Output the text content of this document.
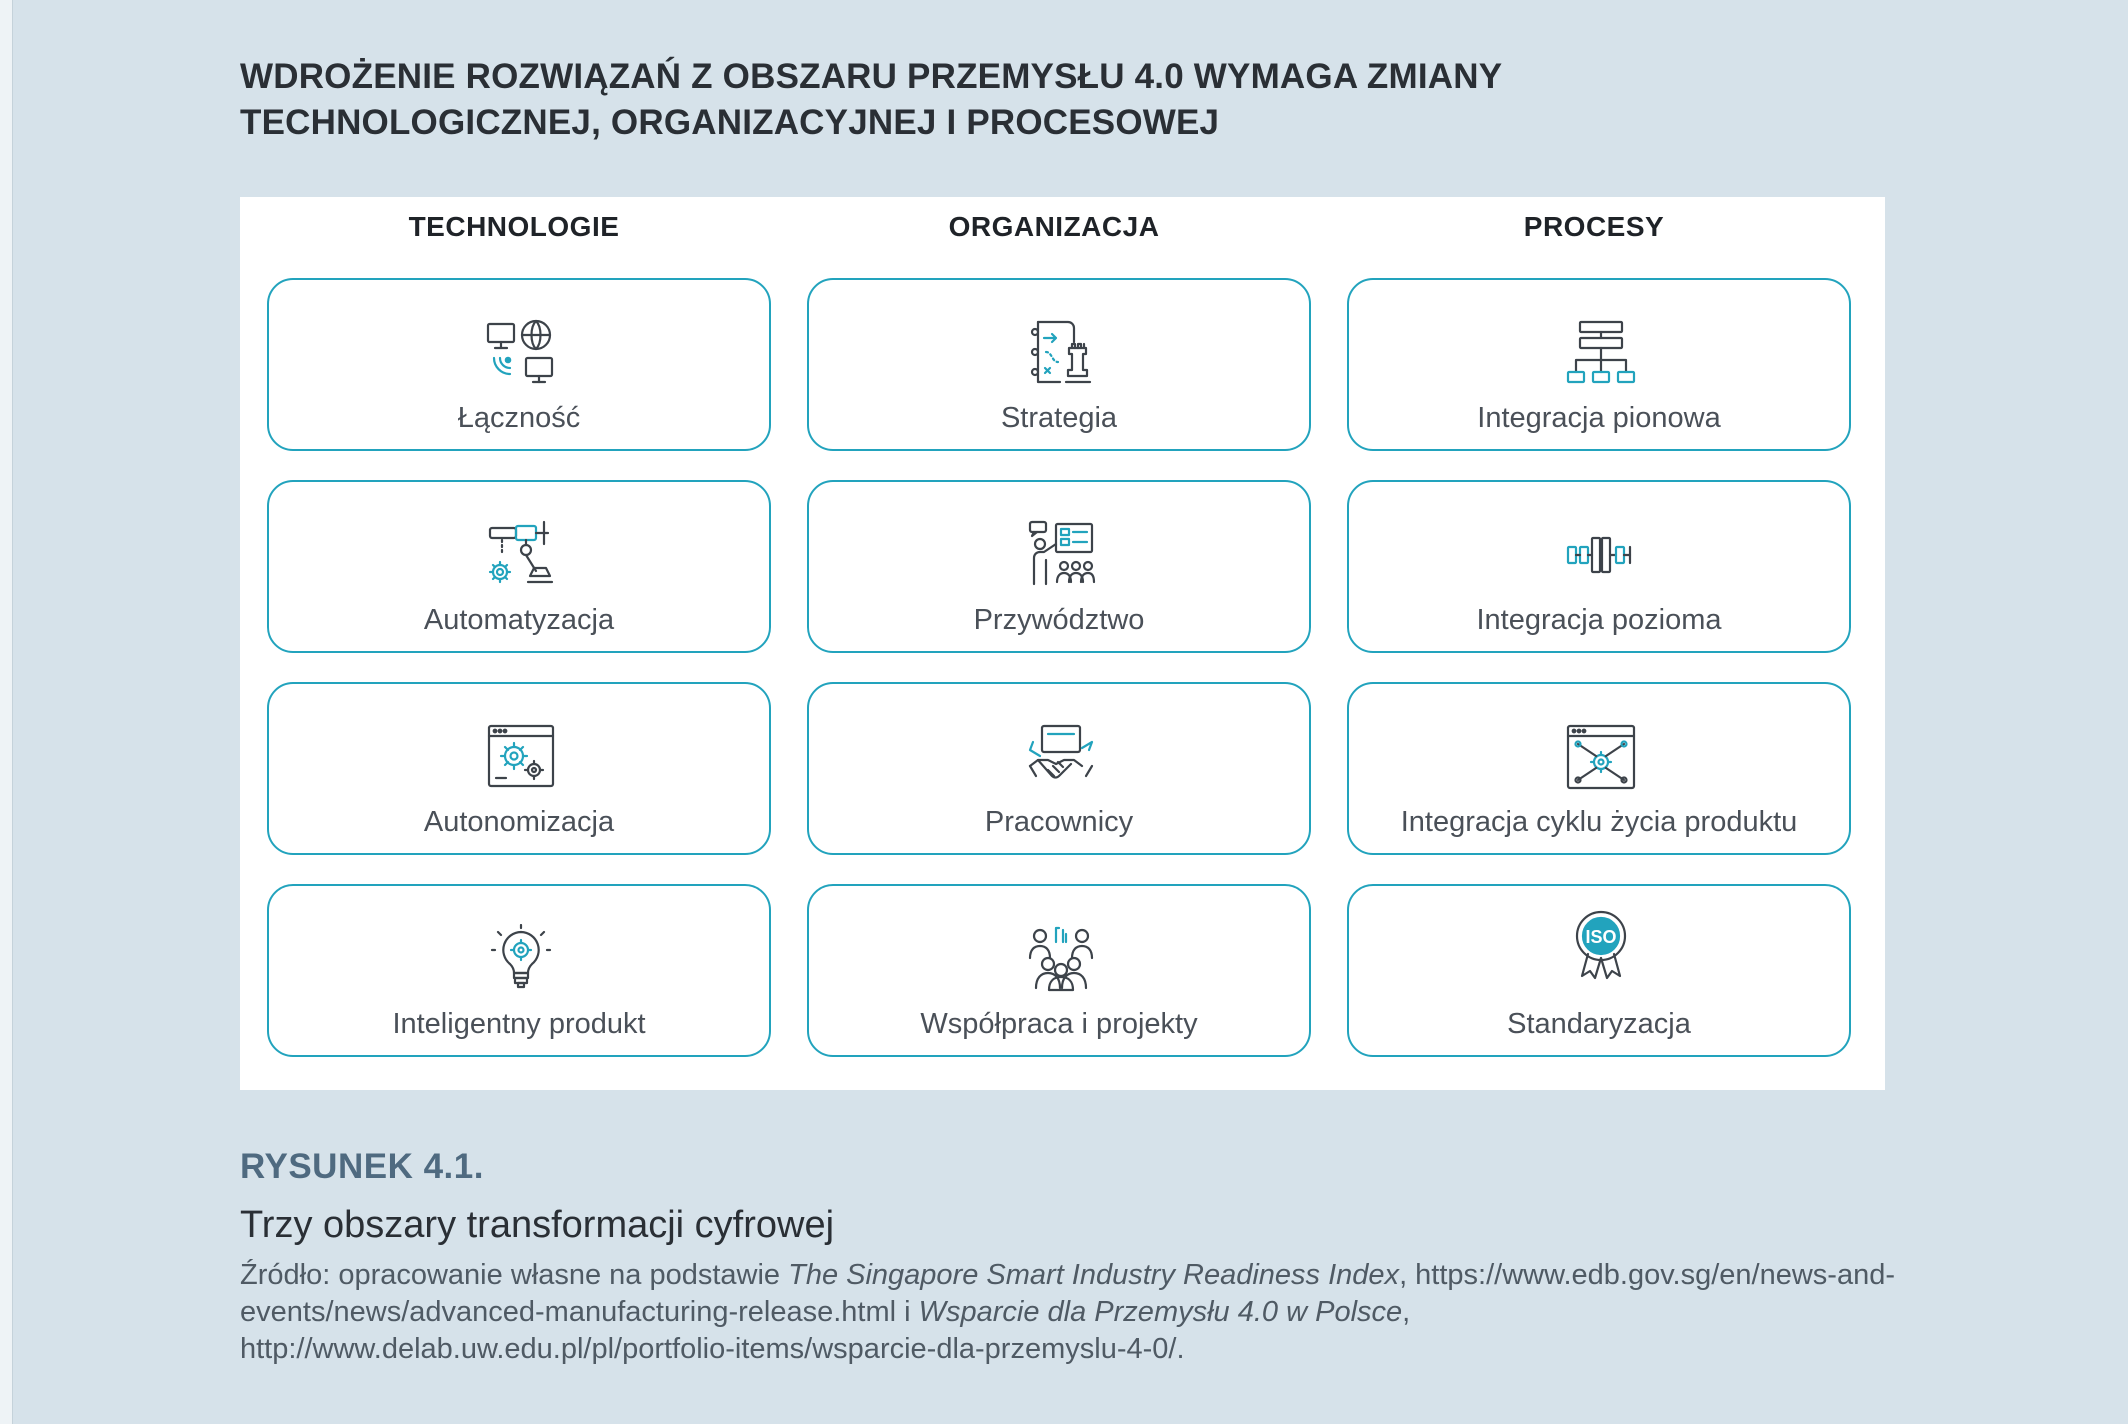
WDROŻENIE ROZWIĄZAŃ Z OBSZARU PRZEMYSŁU 4.0 WYMAGA ZMIANY
TECHNOLOGICZNEJ, ORGANIZACYJNEJ I PROCESOWEJ
TECHNOLOGIE	ORGANIZACJA	PROCESY
Łączność
Automatyzacja
Autonomizacja
Inteligentny produkt
Strategia
Przywództwo
Pracownicy
Współpraca i projekty
Integracja pionowa
Integracja pozioma
Integracja cyklu życia produktu
ISO
Standaryzacja
RYSUNEK 4.1.
Trzy obszary transformacji cyfrowej
Źródło: opracowanie własne na podstawie The Singapore Smart Industry Readiness Index, https://www.edb.gov.sg/en/news-and-events/news/advanced-manufacturing-release.html i Wsparcie dla Przemysłu 4.0 w Polsce, http://www.delab.uw.edu.pl/pl/portfolio-items/wsparcie-dla-przemyslu-4-0/.
